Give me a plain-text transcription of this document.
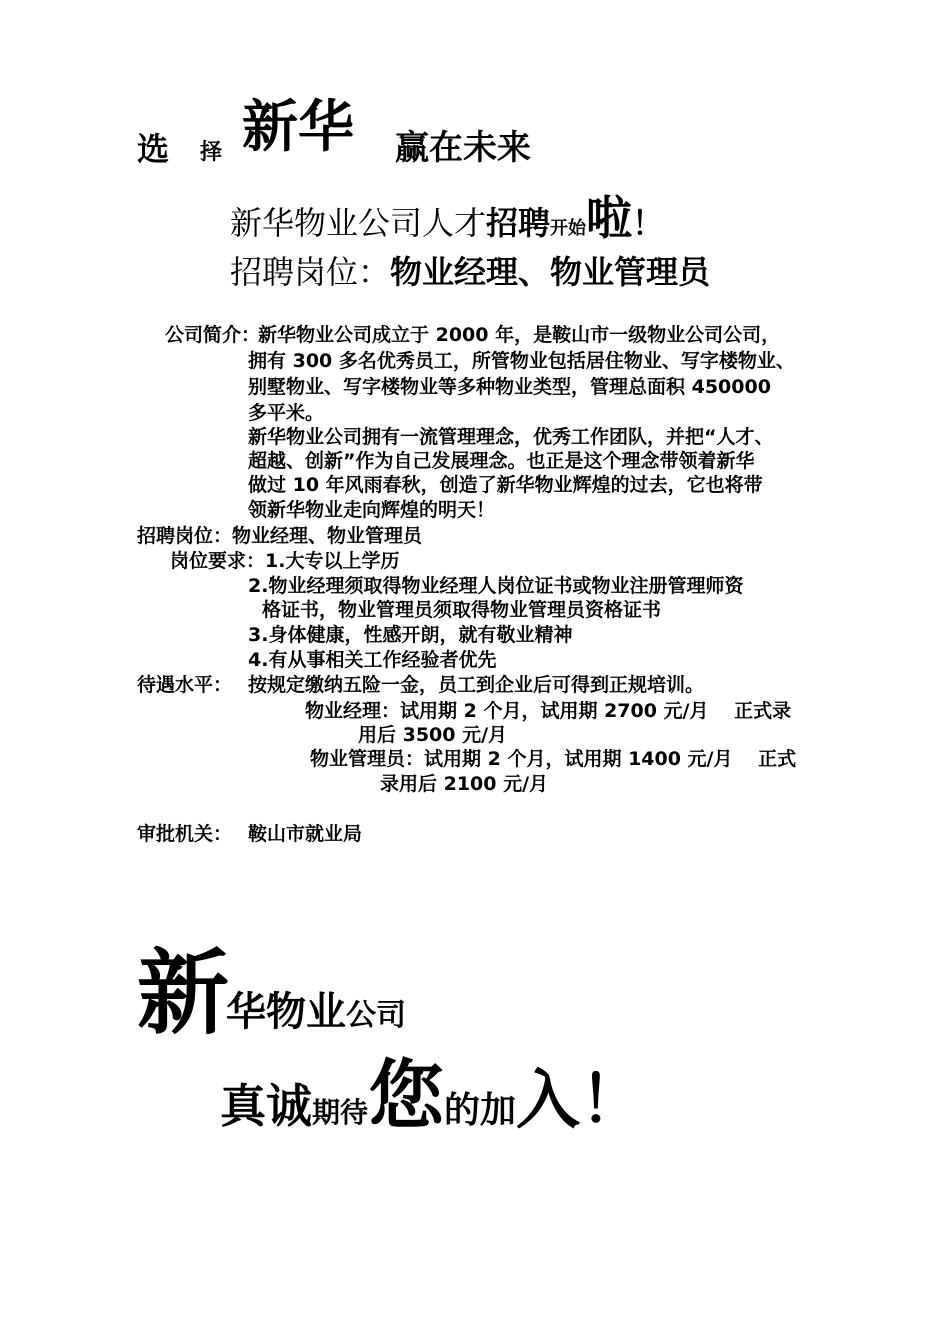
选 择 新华 赢在未来
新华物业公司人才招聘开始啦！
招聘岗位：物业经理、物业管理员
公司简介：
新华物业公司成立于 2000 年，是鞍山市一级物业公司公司，
拥有 300 多名优秀员工，所管物业包括居住物业、写字楼物业、
别墅物业、写字楼物业等多种物业类型，管理总面积 450000
多平米。
新华物业公司拥有一流管理理念，优秀工作团队，并把“人才、
超越、创新”作为自己发展理念。也正是这个理念带领着新华
做过 10 年风雨春秋，创造了新华物业辉煌的过去，它也将带
领新华物业走向辉煌的明天！
招聘岗位： 物业经理、物业管理员
岗位要求： 1.大专以上学历
2.物业经理须取得物业经理人岗位证书或物业注册管理师资
格证书，物业管理员须取得物业管理员资格证书
3.身体健康，性感开朗，就有敬业精神
4.有从事相关工作经验者优先
待遇水平： 按规定缴纳五险一金，员工到企业后可得到正规培训。
物业经理：试用期 2 个月，试用期 2700 元/月　 正式录
用后 3500 元/月
物业管理员：试用期 2 个月，试用期 1400 元/月　 正式
录用后 2100 元/月
审批机关： 鞍山市就业局
新
华物业公司
真诚期待您的加入！
